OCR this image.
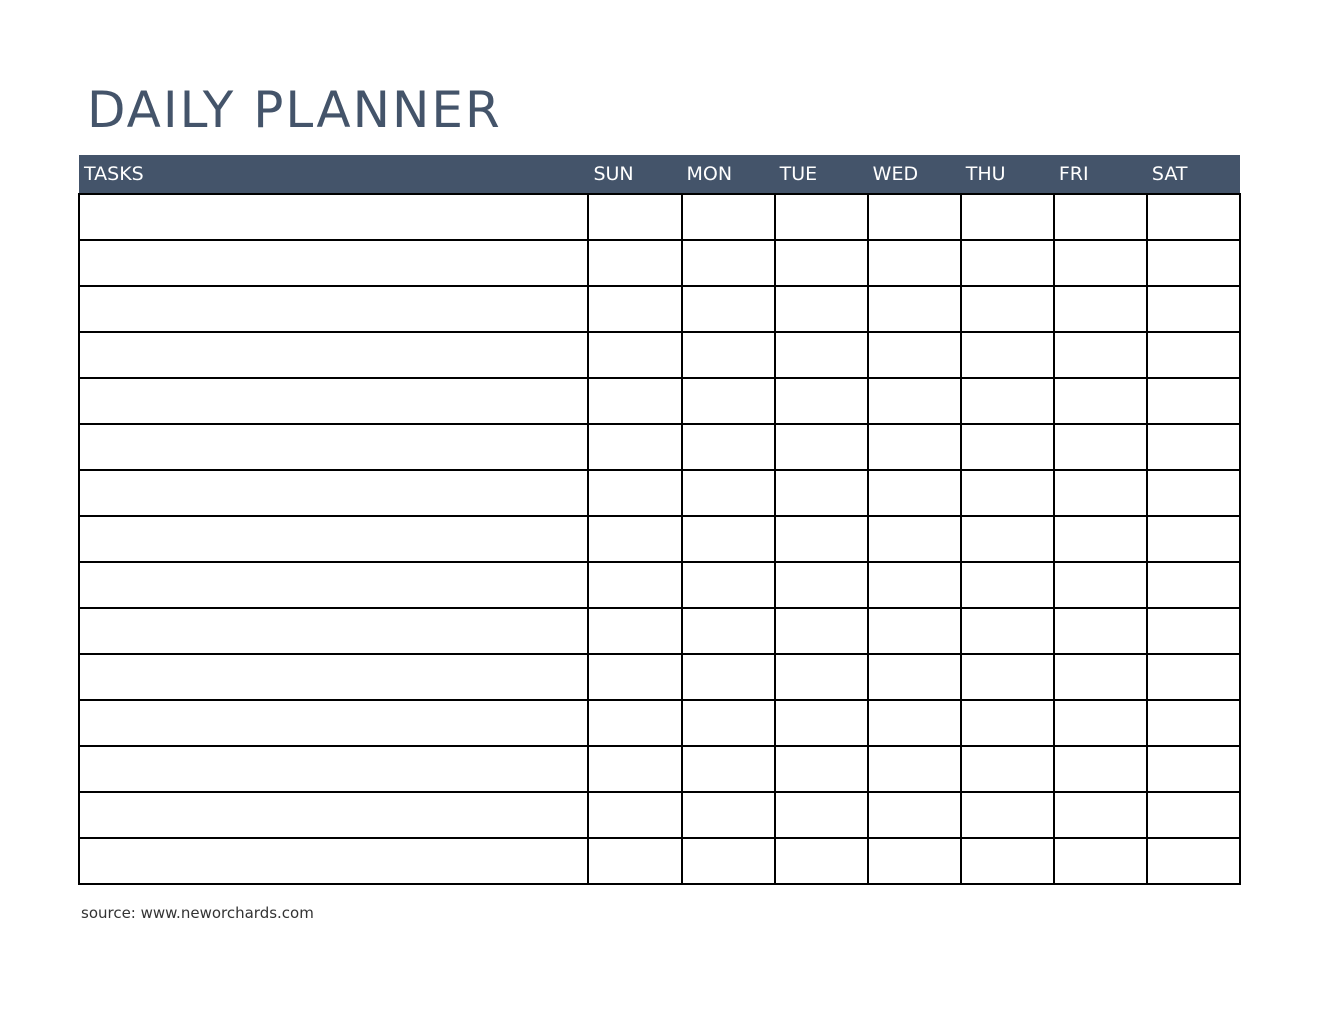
DAILY PLANNER
TASKS	SUN	MON	TUE	WED	THU	FRI	SAT

source: www.neworchards.com
